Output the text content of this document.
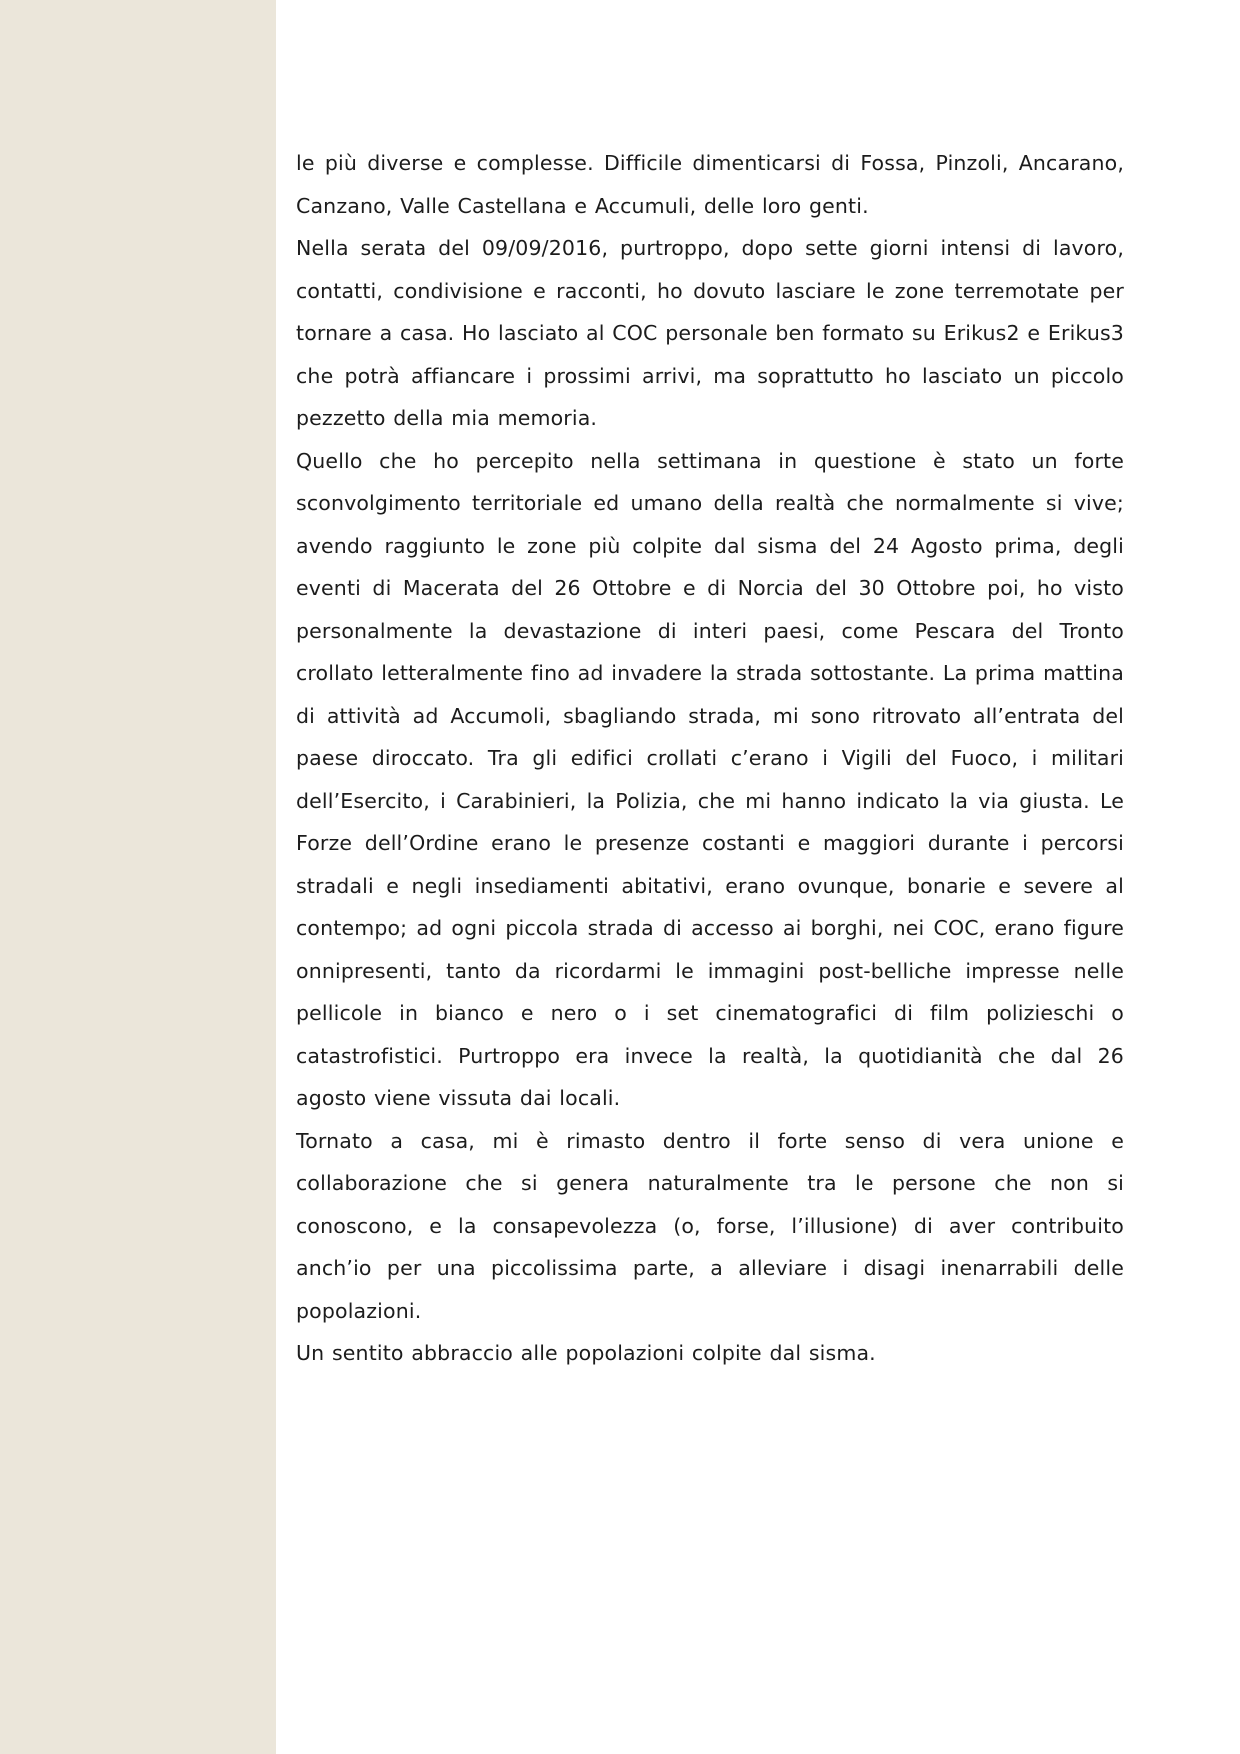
le più diverse e complesse. Difficile dimenticarsi di Fossa, Pinzoli, Ancarano, Canzano, Valle Castellana e Accumuli, delle loro genti.

Nella serata del 09/09/2016, purtroppo, dopo sette giorni intensi di lavoro, contatti, condivisione e racconti, ho dovuto lasciare le zone terremotate per tornare a casa. Ho lasciato al COC personale ben formato su Erikus2 e Erikus3 che potrà affiancare i prossimi arrivi, ma soprattutto ho lasciato un piccolo pezzetto della mia memoria.

Quello che ho percepito nella settimana in questione è stato un forte sconvolgimento territoriale ed umano della realtà che normalmente si vive; avendo raggiunto le zone più colpite dal sisma del 24 Agosto prima, degli eventi di Macerata del 26 Ottobre e di Norcia del 30 Ottobre poi, ho visto personalmente la devastazione di interi paesi, come Pescara del Tronto crollato letteralmente fino ad invadere la strada sottostante. La prima mattina di attività ad Accumoli, sbagliando strada, mi sono ritrovato all’entrata del paese diroccato. Tra gli edifici crollati c’erano i Vigili del Fuoco, i militari dell’Esercito, i Carabinieri, la Polizia, che mi hanno indicato la via giusta. Le Forze dell’Ordine erano le presenze costanti e maggiori durante i percorsi stradali e negli insediamenti abitativi, erano ovunque, bonarie e severe al contempo; ad ogni piccola strada di accesso ai borghi, nei COC, erano figure onnipresenti, tanto da ricordarmi le immagini post-belliche impresse nelle pellicole in bianco e nero o i set cinematografici di film polizieschi o catastrofistici. Purtroppo era invece la realtà, la quotidianità che dal 26 agosto viene vissuta dai locali.

Tornato a casa, mi è rimasto dentro il forte senso di vera unione e collaborazione che si genera naturalmente tra le persone che non si conoscono, e la consapevolezza (o, forse, l’illusione) di aver contribuito anch’io per una piccolissima parte, a alleviare i disagi inenarrabili delle popolazioni.

Un sentito abbraccio alle popolazioni colpite dal sisma.
